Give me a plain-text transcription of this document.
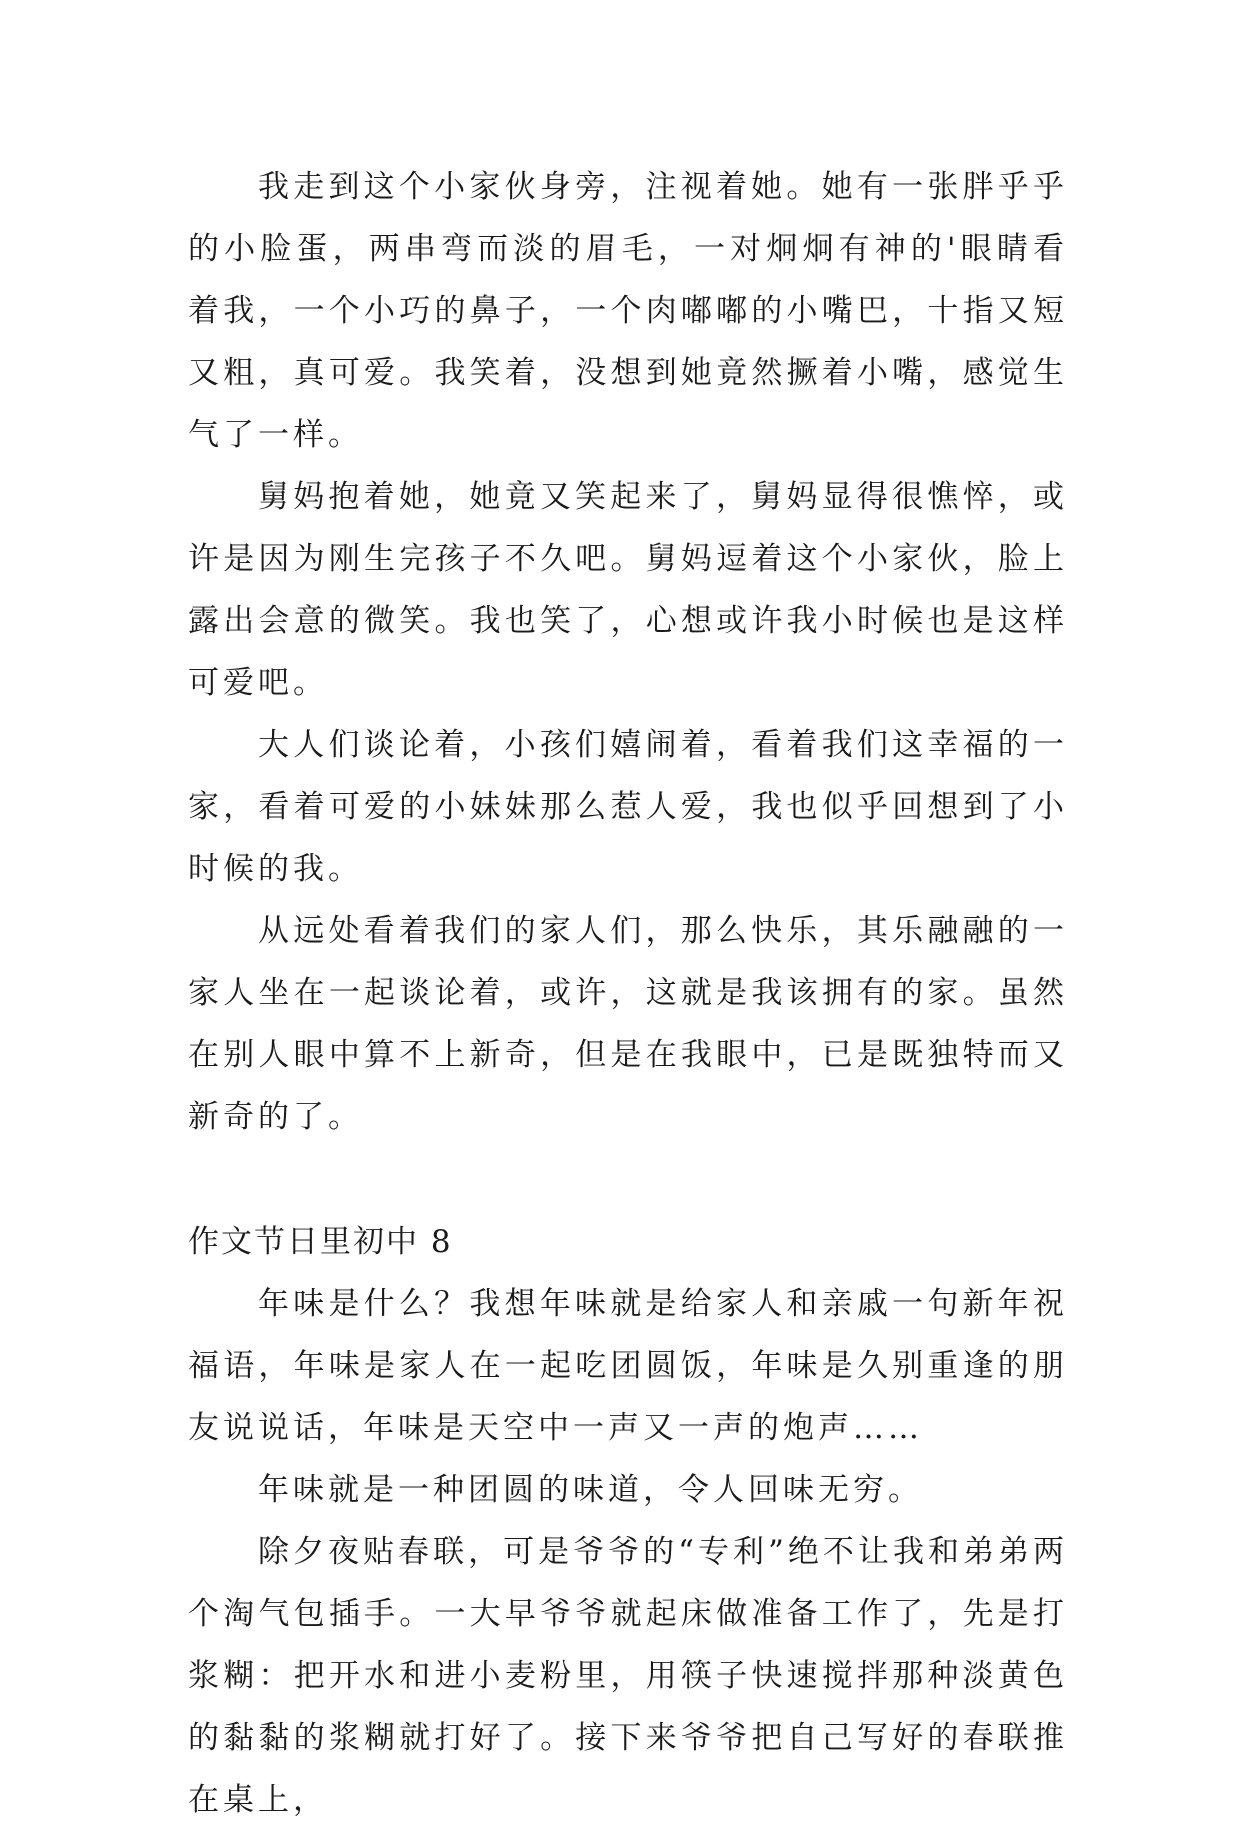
我走到这个小家伙身旁，注视着她。她有一张胖乎乎的小脸蛋，两串弯而淡的眉毛，一对炯炯有神的'眼睛看着我，一个小巧的鼻子，一个肉嘟嘟的小嘴巴，十指又短又粗，真可爱。我笑着，没想到她竟然撅着小嘴，感觉生气了一样。

舅妈抱着她，她竟又笑起来了，舅妈显得很憔悴，或许是因为刚生完孩子不久吧。舅妈逗着这个小家伙，脸上露出会意的微笑。我也笑了，心想或许我小时候也是这样可爱吧。

大人们谈论着，小孩们嬉闹着，看着我们这幸福的一家，看着可爱的小妹妹那么惹人爱，我也似乎回想到了小时候的我。

从远处看着我们的家人们，那么快乐，其乐融融的一家人坐在一起谈论着，或许，这就是我该拥有的家。虽然在别人眼中算不上新奇，但是在我眼中，已是既独特而又新奇的了。

作文节日里初中 8

年味是什么？我想年味就是给家人和亲戚一句新年祝福语，年味是家人在一起吃团圆饭，年味是久别重逢的朋友说说话，年味是天空中一声又一声的炮声……

年味就是一种团圆的味道，令人回味无穷。

除夕夜贴春联，可是爷爷的“专利”绝不让我和弟弟两个淘气包插手。一大早爷爷就起床做准备工作了，先是打浆糊：把开水和进小麦粉里，用筷子快速搅拌那种淡黄色的黏黏的浆糊就打好了。接下来爷爷把自己写好的春联推在桌上，
